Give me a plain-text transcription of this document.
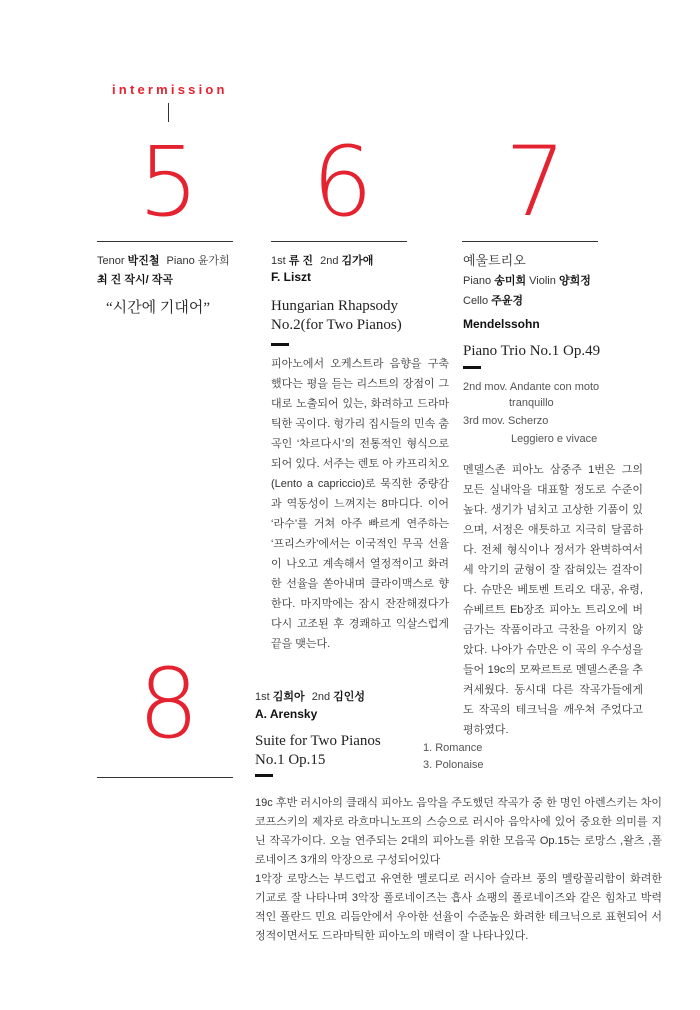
intermission
5
Tenor 박진철 Piano 윤가희
최 진 작시/ 작곡
“시간에 기대어”
6
1st 류 진 2nd 김가애
F. Liszt
Hungarian Rhapsody
No.2(for Two Pianos)
피아노에서 오케스트라 음향을 구축했다는 평을 듣는 리스트의 장점이 그대로 노출되어 있는, 화려하고 드라마틱한 곡이다. 헝가리 집시들의 민속 춤곡인 ‘차르다시’의 전통적인 형식으로 되어 있다. 서주는 렌토 아 카프리치오(Lento a capriccio)로 묵직한 중량감과 역동성이 느껴지는 8마디다. 이어 ‘라수’를 거쳐 아주 빠르게 연주하는 ‘프리스카’에서는 이국적인 무곡 선율이 나오고 계속해서 열정적이고 화려한 선율을 쏟아내며 클라이맥스로 향한다. 마지막에는 잠시 잔잔해졌다가 다시 고조된 후 경쾌하고 익살스럽게 끝을 맺는다.
7
예울트리오
Piano 송미희 Violin 양희정
Cello 주윤경
Mendelssohn
Piano Trio No.1 Op.49
2nd mov. Andante con moto
tranquillo
3rd mov. Scherzo
Leggiero e vivace
멘델스존 피아노 삼중주 1번은 그의 모든 실내악을 대표할 정도로 수준이 높다. 생기가 넘치고 고상한 기품이 있으며, 서정은 애틋하고 지극히 달콤하다. 전체 형식이나 정서가 완벽하여서 세 악기의 균형이 잘 잡혀있는 걸작이다. 슈만은 베토벤 트리오 대공, 유령, 슈베르트 Eb장조 피아노 트리오에 버금가는 작품이라고 극찬을 아끼지 않았다. 나아가 슈만은 이 곡의 우수성을 들어 19c의 모짜르트로 멘델스존을 추켜세웠다. 동시대 다른 작곡가들에게도 작곡의 테크닉을 깨우쳐 주었다고 평하였다.
8	1st 김희아 2nd 김인성
A. Arensky
Suite for Two Pianos
No.1 Op.15
1. Romance
3. Polonaise
19c 후반 러시아의 클래식 피아노 음악을 주도했던 작곡가 중 한 명인 아렌스키는 차이코프스키의 제자로 라흐마니노프의 스승으로 러시아 음악사에 있어 중요한 의미를 지닌 작곡가이다. 오늘 연주되는 2대의 피아노를 위한 모음곡 Op.15는 로망스 ,왈츠 ,폴로네이즈 3개의 악장으로 구성되어있다
1악장 로망스는 부드럽고 유연한 멜로디로 러시아 슬라브 풍의 멜랑꼴리함이 화려한 기교로 잘 나타나며 3악장 폴로네이즈는 흡사 쇼팽의 폴로네이즈와 같은 힘차고 박력적인 폴란드 민요 리듬안에서 우아한 선율이 수준높은 화려한 테크닉으로 표현되어 서정적이면서도 드라마틱한 피아노의 매력이 잘 나타나있다.
